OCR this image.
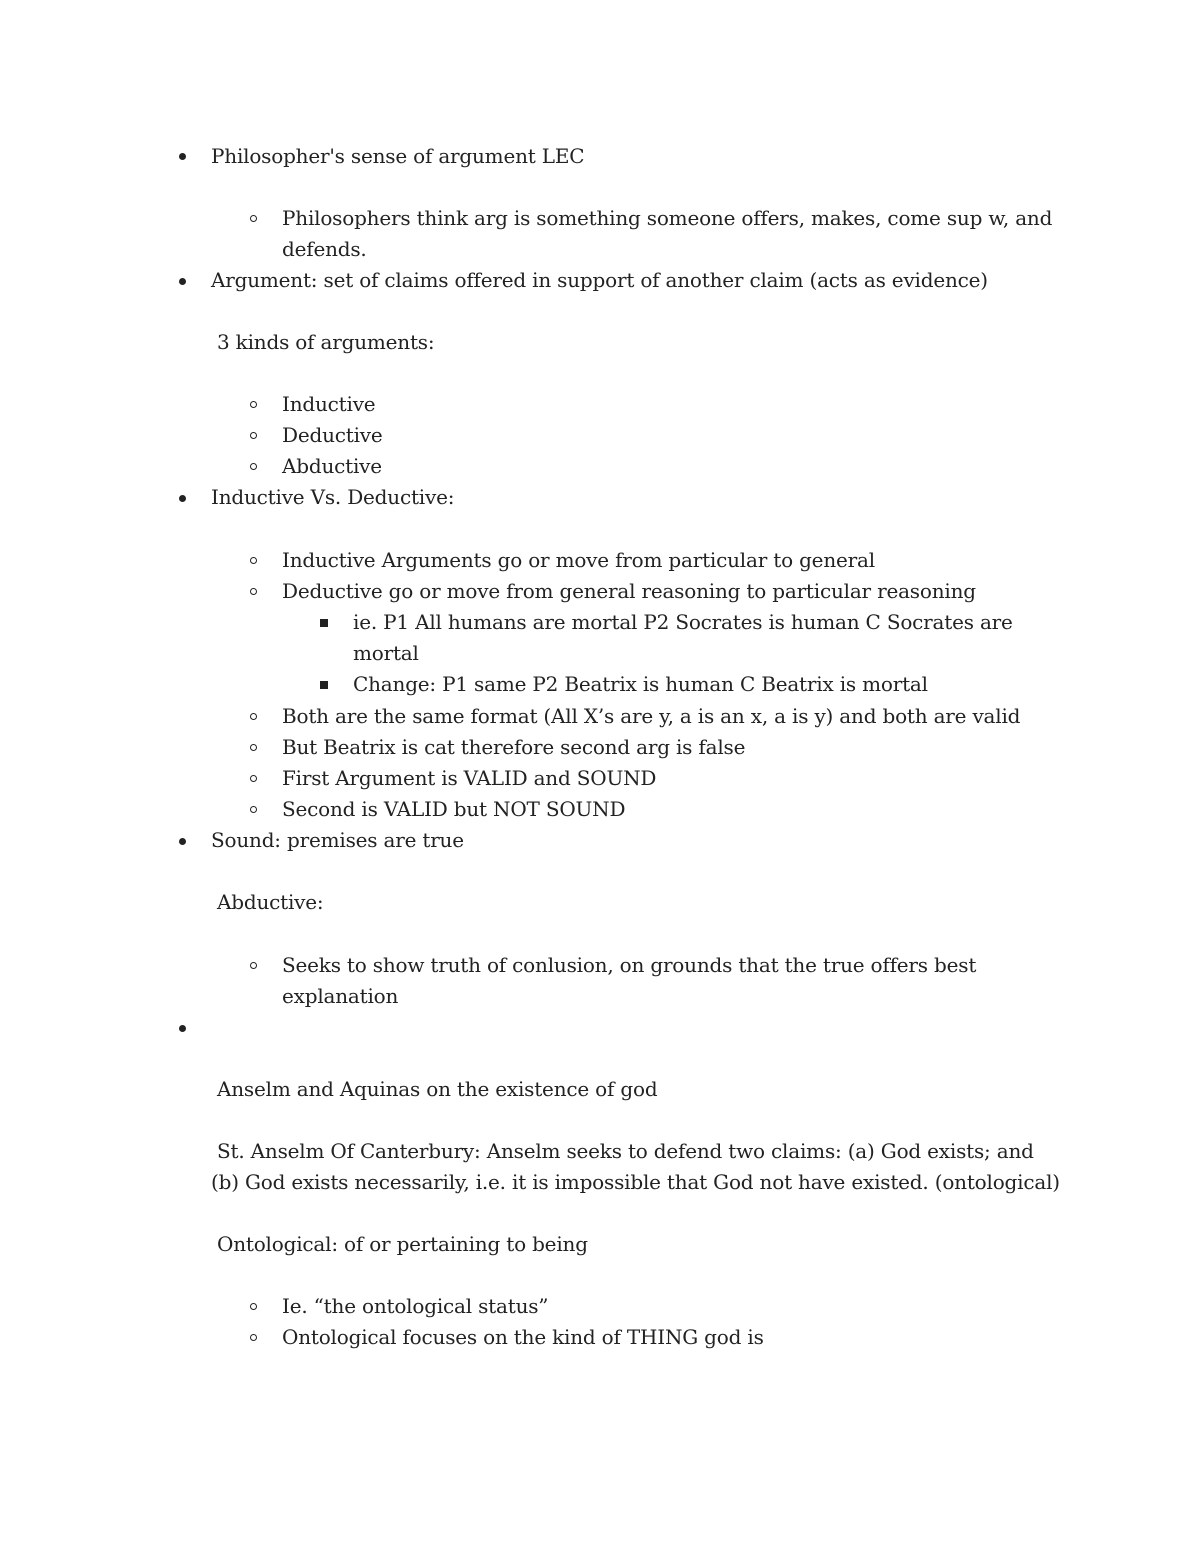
Philosopher's sense of argument LEC
Philosophers think arg is something someone offers, makes, come sup w, and
defends.
Argument: set of claims offered in support of another claim (acts as evidence)
3 kinds of arguments:
Inductive
Deductive
Abductive
Inductive Vs. Deductive:
Inductive Arguments go or move from particular to general
Deductive go or move from general reasoning to particular reasoning
ie. P1 All humans are mortal P2 Socrates is human C Socrates are
mortal
Change: P1 same P2 Beatrix is human C Beatrix is mortal
Both are the same format (All X’s are y, a is an x, a is y) and both are valid
But Beatrix is cat therefore second arg is false
First Argument is VALID and SOUND
Second is VALID but NOT SOUND
Sound: premises are true
Abductive:
Seeks to show truth of conlusion, on grounds that the true offers best
explanation
Anselm and Aquinas on the existence of god
St. Anselm Of Canterbury: Anselm seeks to defend two claims: (a) God exists; and
(b) God exists necessarily, i.e. it is impossible that God not have existed. (ontological)
Ontological: of or pertaining to being
Ie. “the ontological status”
Ontological focuses on the kind of THING god is
